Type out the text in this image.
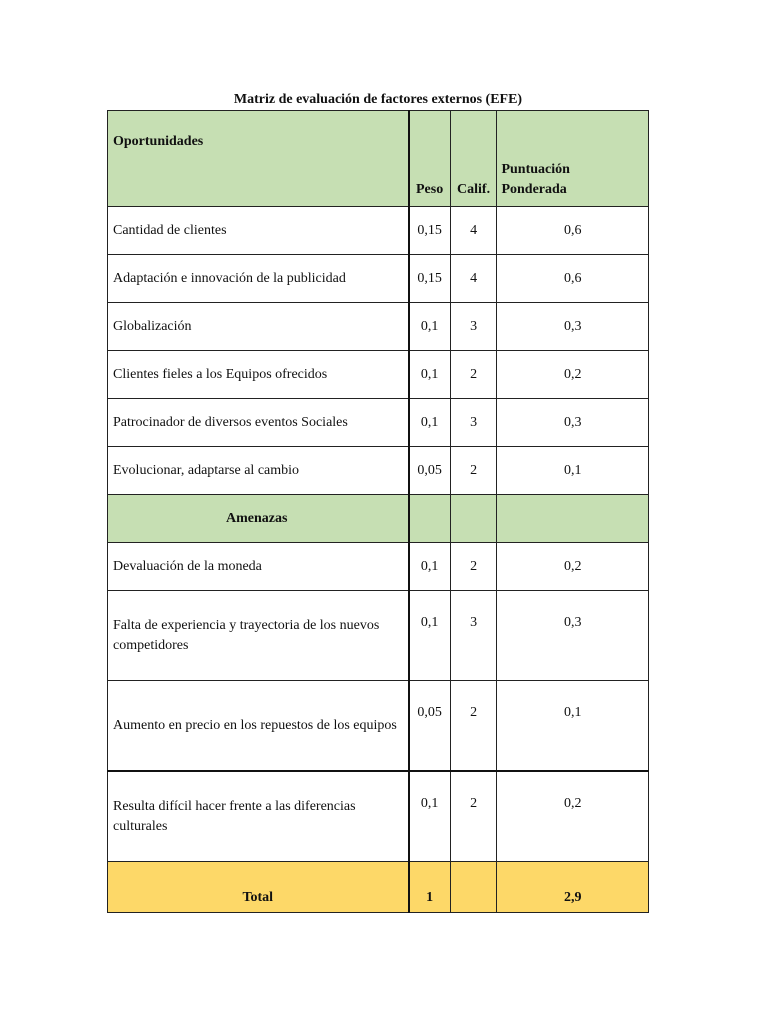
Matriz de evaluación de factores externos (EFE)
Oportunidades	Peso	Calif.	Puntuación
Ponderada

Cantidad de clientes	0,15	4	0,6
Adaptación e innovación de la publicidad	0,15	4	0,6
Globalización	0,1	3	0,3
Clientes fieles a los Equipos ofrecidos	0,1	2	0,2
Patrocinador de diversos eventos Sociales	0,1	3	0,3
Evolucionar, adaptarse al cambio	0,05	2	0,1
Amenazas			
Devaluación de la moneda	0,1	2	0,2
Falta de experiencia y trayectoria de los nuevos competidores	0,1	3	0,3
Aumento en precio en los repuestos de los equipos	0,05	2	0,1
Resulta difícil hacer frente a las diferencias culturales	0,1	2	0,2
Total	1		2,9
